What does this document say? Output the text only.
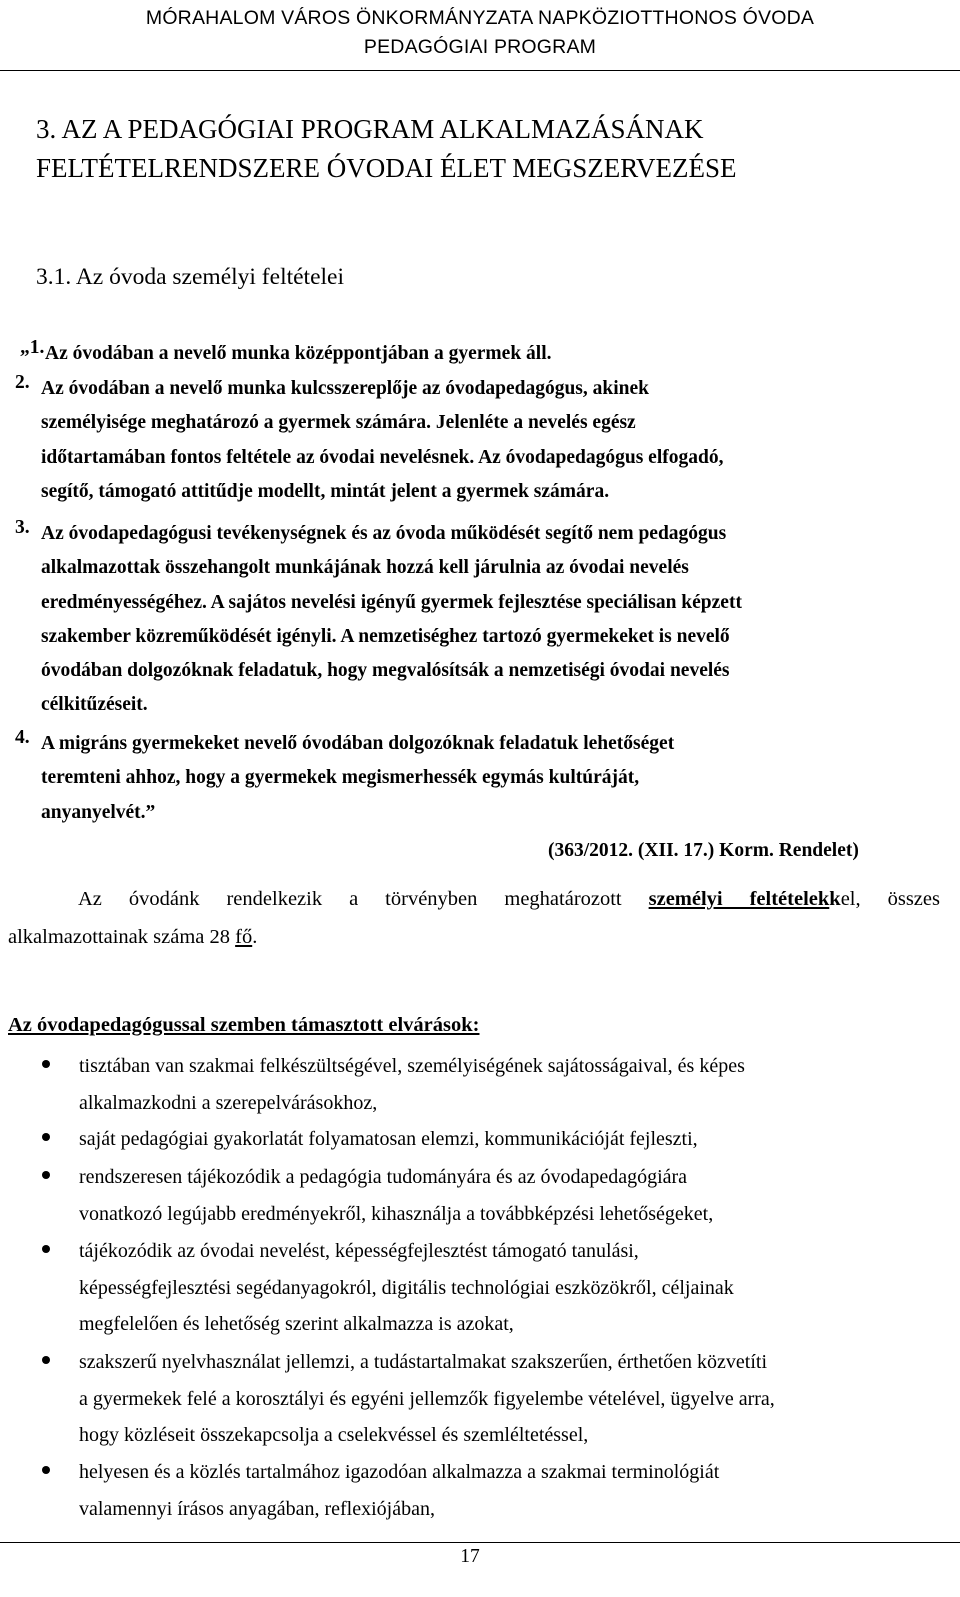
MÓRAHALOM VÁROS ÖNKORMÁNYZATA NAPKÖZIOTTHONOS ÓVODA
PEDAGÓGIAI PROGRAM
3. AZ A PEDAGÓGIAI PROGRAM ALKALMAZÁSÁNAK
FELTÉTELRENDSZERE ÓVODAI ÉLET MEGSZERVEZÉSE
3.1. Az óvoda személyi feltételei
„1. Az óvodában a nevelő munka középpontjában a gyermek áll.
2. Az óvodában a nevelő munka kulcsszereplője az óvodapedagógus, akinek
személyisége meghatározó a gyermek számára. Jelenléte a nevelés egész
időtartamában fontos feltétele az óvodai nevelésnek. Az óvodapedagógus elfogadó,
segítő, támogató attitűdje modellt, mintát jelent a gyermek számára.
3. Az óvodapedagógusi tevékenységnek és az óvoda működését segítő nem pedagógus
alkalmazottak összehangolt munkájának hozzá kell járulnia az óvodai nevelés
eredményességéhez. A sajátos nevelési igényű gyermek fejlesztése speciálisan képzett
szakember közreműködését igényli. A nemzetiséghez tartozó gyermekeket is nevelő
óvodában dolgozóknak feladatuk, hogy megvalósítsák a nemzetiségi óvodai nevelés
célkitűzéseit.
4. A migráns gyermekeket nevelő óvodában dolgozóknak feladatuk lehetőséget
teremteni ahhoz, hogy a gyermekek megismerhessék egymás kultúráját,
anyanyelvét.”
(363/2012. (XII. 17.) Korm. Rendelet)
Az óvodánk rendelkezik a törvényben meghatározott személyi feltételekkel, összes
alkalmazottainak száma 28 fő.
Az óvodapedagógussal szemben támasztott elvárások:
tisztában van szakmai felkészültségével, személyiségének sajátosságaival, és képes
alkalmazkodni a szerepelvárásokhoz,
saját pedagógiai gyakorlatát folyamatosan elemzi, kommunikációját fejleszti,
rendszeresen tájékozódik a pedagógia tudományára és az óvodapedagógiára
vonatkozó legújabb eredményekről, kihasználja a továbbképzési lehetőségeket,
tájékozódik az óvodai nevelést, képességfejlesztést támogató tanulási,
képességfejlesztési segédanyagokról, digitális technológiai eszközökről, céljainak
megfelelően és lehetőség szerint alkalmazza is azokat,
szakszerű nyelvhasználat jellemzi, a tudástartalmakat szakszerűen, érthetően közvetíti
a gyermekek felé a korosztályi és egyéni jellemzők figyelembe vételével, ügyelve arra,
hogy közléseit összekapcsolja a cselekvéssel és szemléltetéssel,
helyesen és a közlés tartalmához igazodóan alkalmazza a szakmai terminológiát
valamennyi írásos anyagában, reflexiójában,
17
